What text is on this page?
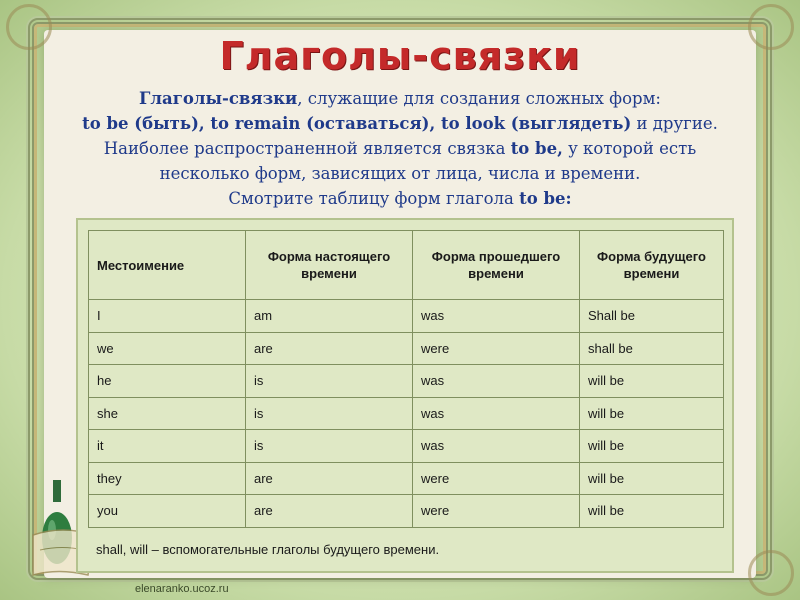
Глаголы-связки
Глаголы-связки, служащие для создания сложных форм:
to be (быть), to remain (оставаться), to look (выглядеть) и другие.
Наиболее распространенной является связка to be, у которой есть
несколько форм, зависящих от лица, числа и времени.
Смотрите таблицу форм глагола to be:
Местоимение	Форма настоящего времени	Форма прошедшего времени	Форма будущего времени
I	am	was	Shall be
we	are	were	shall be
he	is	was	will be
she	is	was	will be
it	is	was	will be
they	are	were	will be
you	are	were	will be
shall, will – вспомогательные глаголы будущего времени.
elenaranko.ucoz.ru
